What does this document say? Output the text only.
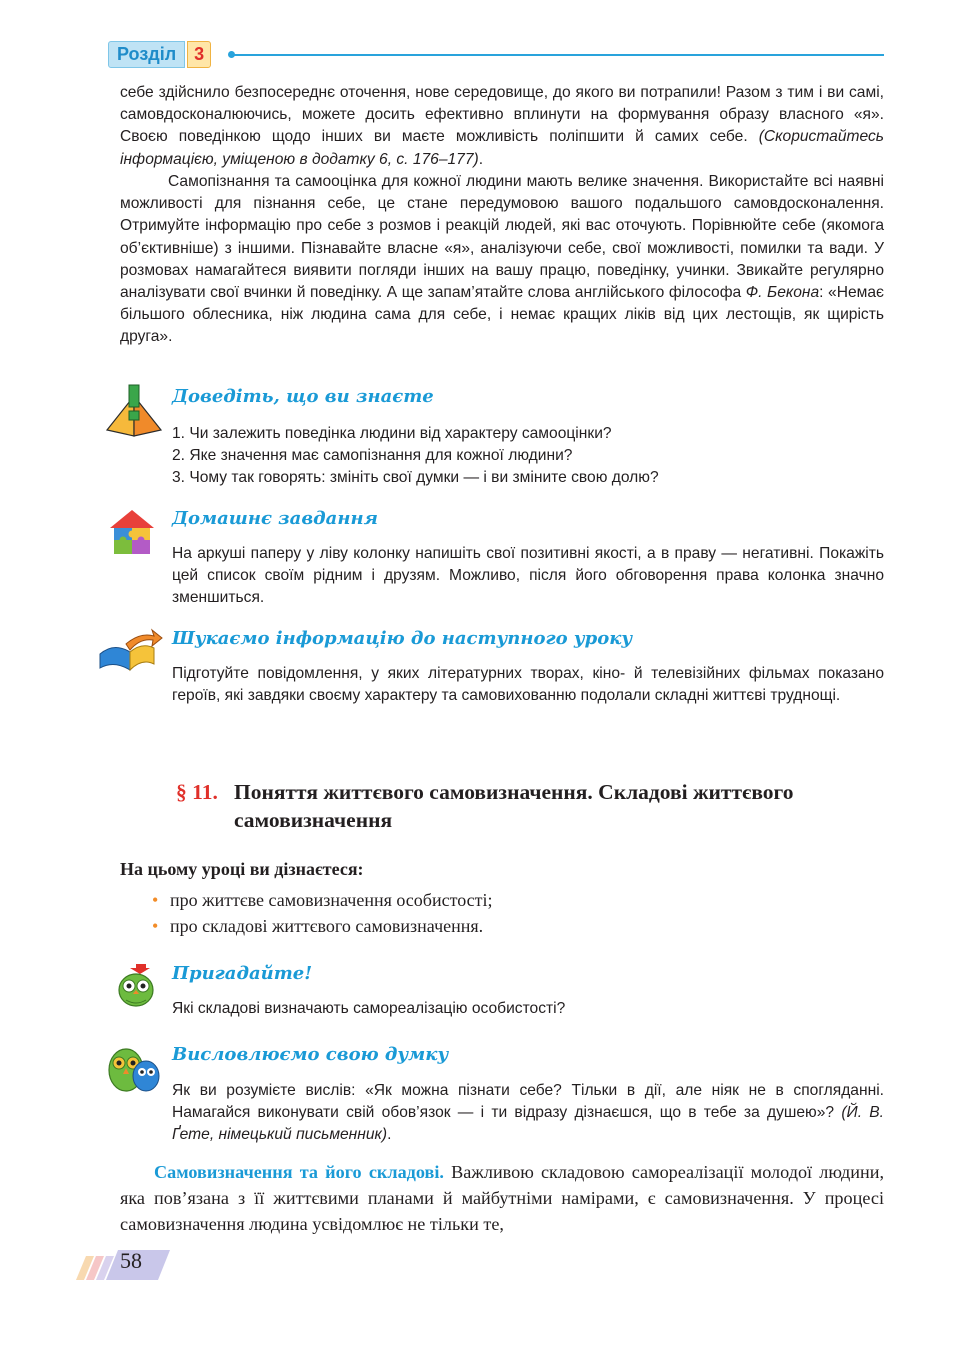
Розділ 3

себе здійснило безпосереднє оточення, нове середовище, до якого ви потрапили! Разом з тим і ви самі, самовдосконалюючись, можете досить ефективно вплинути на формування образу власного «я». Своєю поведінкою щодо інших ви маєте можливість поліпшити й самих себе. (Скористайтесь інформацією, уміщеною в додатку 6, с. 176–177).

Самопізнання та самооцінка для кожної людини мають велике значення. Використайте всі наявні можливості для пізнання себе, це стане передумовою вашого подальшого самовдосконалення. Отримуйте інформацію про себе з розмов і реакцій людей, які вас оточують. Порівнюйте себе (якомога об’єктивніше) з іншими. Пізнавайте власне «я», аналізуючи себе, свої можливості, помилки та вади. У розмовах намагайтеся виявити погляди інших на вашу працю, поведінку, учинки. Звикайте регулярно аналізувати свої вчинки й поведінку. А ще запам’ятайте слова англійського філософа Ф. Бекона: «Немає більшого облесника, ніж людина сама для себе, і немає кращих ліків від цих лестощів, як щирість друга».

Доведіть, що ви знаєте

1. Чи залежить поведінка людини від характеру самооцінки?
2. Яке значення має самопізнання для кожної людини?
3. Чому так говорять: змініть свої думки — і ви зміните свою долю?

Домашнє завдання

На аркуші паперу у ліву колонку напишіть свої позитивні якості, а в праву — негативні. Покажіть цей список своїм рідним і друзям. Можливо, після його обговорення права колонка значно зменшиться.

Шукаємо інформацію до наступного уроку

Підготуйте повідомлення, у яких літературних творах, кіно- й телевізійних фільмах показано героїв, які завдяки своєму характеру та самовихованню подолали складні життєві труднощі.

§ 11. Поняття життєвого самовизначення. Складові життєвого
самовизначення

На цьому уроці ви дізнаєтеся:

• про життєве самовизначення особистості;
• про складові життєвого самовизначення.

Пригадайте!

Які складові визначають самореалізацію особистості?

Висловлюємо свою думку

Як ви розумієте вислів: «Як можна пізнати себе? Тільки в дії, але ніяк не в спогляданні. Намагайся виконувати свій обов’язок — і ти відразу дізнаєшся, що в тебе за душею»? (Й. В. Ґете, німецький письменник).

Самовизначення та його складові. Важливою складовою самореалізації молодої людини, яка пов’язана з її життєвими планами й майбутніми намірами, є самовизначення. У процесі самовизначення людина усвідомлює не тільки те,

58
